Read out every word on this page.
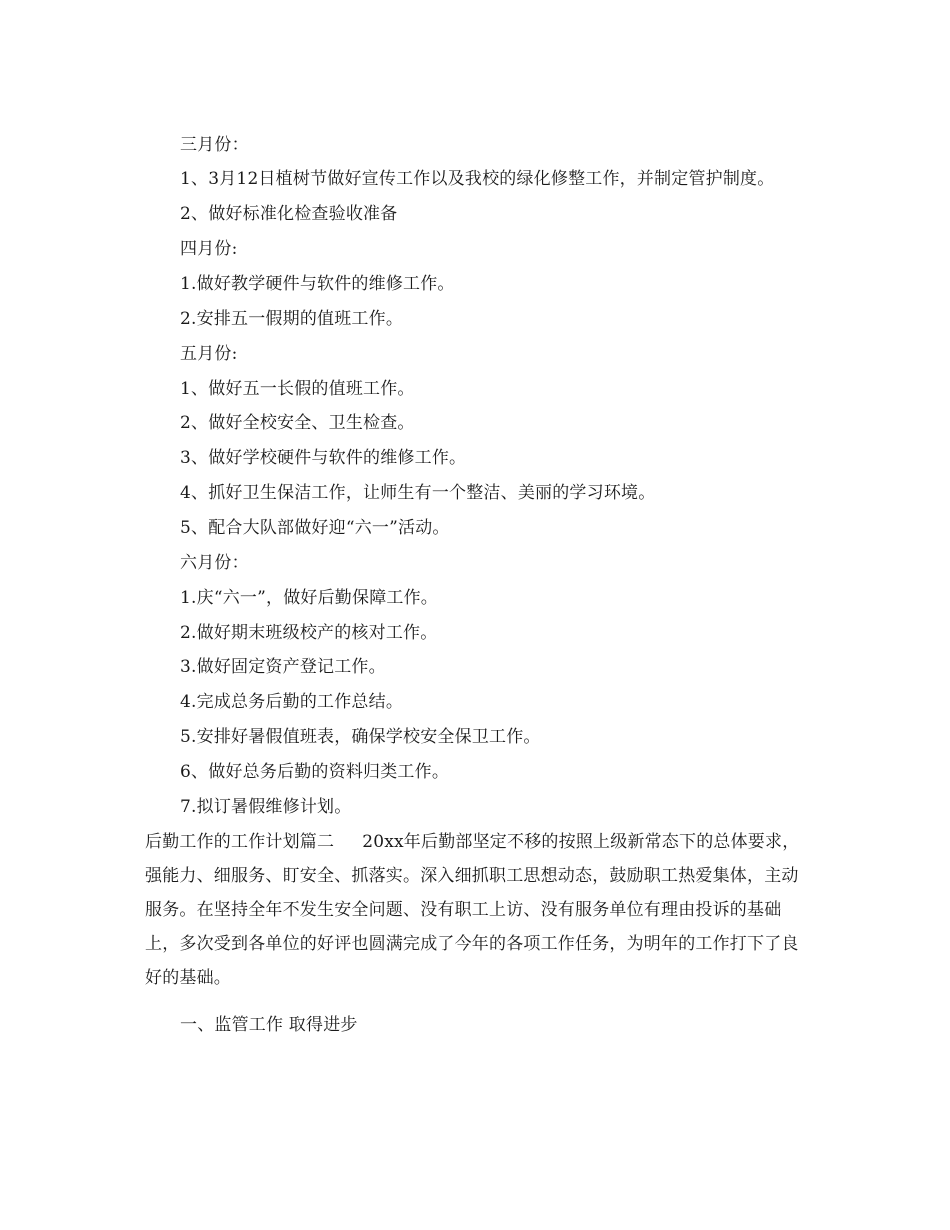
三月份：
1、3月12日植树节做好宣传工作以及我校的绿化修整工作，并制定管护制度。
2、做好标准化检查验收准备
四月份:
1.做好教学硬件与软件的维修工作。
2.安排五一假期的值班工作。
五月份:
1、做好五一长假的值班工作。
2、做好全校安全、卫生检查。
3、做好学校硬件与软件的维修工作。
4、抓好卫生保洁工作，让师生有一个整洁、美丽的学习环境。
5、配合大队部做好迎“六一”活动。
六月份：
1.庆“六一”，做好后勤保障工作。
2.做好期末班级校产的核对工作。
3.做好固定资产登记工作。
4.完成总务后勤的工作总结。
5.安排好暑假值班表，确保学校安全保卫工作。
6、做好总务后勤的资料归类工作。
7.拟订暑假维修计划。
后勤工作的工作计划篇二 20xx年后勤部坚定不移的按照上级新常态下的总体要求，强能力、细服务、盯安全、抓落实。深入细抓职工思想动态，鼓励职工热爱集体，主动服务。在坚持全年不发生安全问题、没有职工上访、没有服务单位有理由投诉的基础上，多次受到各单位的好评也圆满完成了今年的各项工作任务，为明年的工作打下了良好的基础。
一、监管工作 取得进步
